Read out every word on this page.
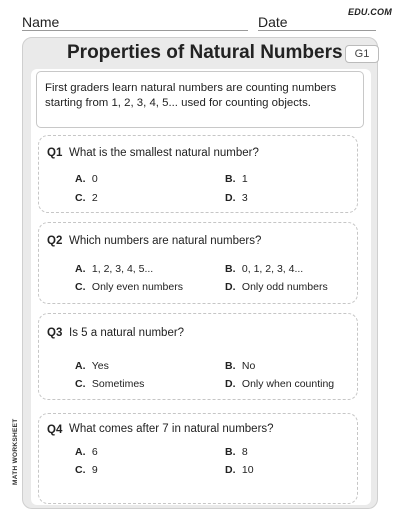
Name	Date
EDU.COM
MATH WORKSHEET
Properties of Natural Numbers	G1
First graders learn natural numbers are counting numbers starting from 1, 2, 3, 4, 5... used for counting objects.
Q1 What is the smallest natural number?
A. 0	B. 1
C. 2	D. 3
Q2 Which numbers are natural numbers?
A. 1, 2, 3, 4, 5...	B. 0, 1, 2, 3, 4...
C. Only even numbers	D. Only odd numbers
Q3 Is 5 a natural number?
A. Yes	B. No
C. Sometimes	D. Only when counting
Q4 What comes after 7 in natural numbers?
A. 6	B. 8
C. 9	D. 10
